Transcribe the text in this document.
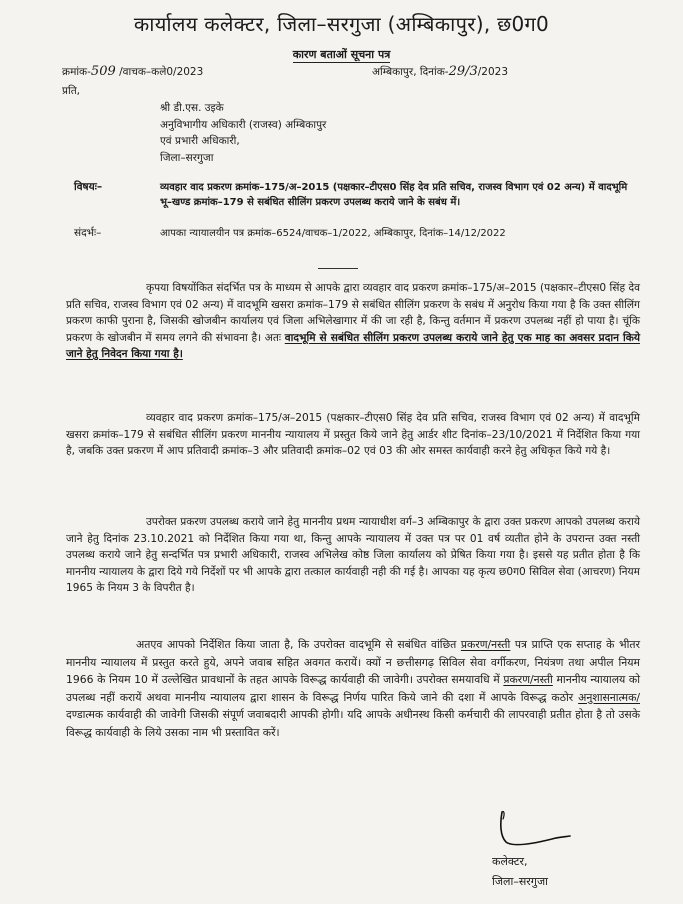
कार्यालय कलेक्टर, जिला–सरगुजा (अम्बिकापुर), छ0ग0
कारण बताओं सूचना पत्र
क्रमांक-509 /वाचक–कले0/2023	अम्बिकापुर, दिनांक-29/3/2023
प्रति,
श्री डी.एस. उइके
अनुविभागीय अधिकारी (राजस्व) अम्बिकापुर
एवं प्रभारी अधिकारी,
जिला–सरगुजा
विषयः–	व्यवहार वाद प्रकरण क्रमांक–175/अ–2015 (पक्षकार–टीएस0 सिंह देव प्रति सचिव, राजस्व विभाग एवं 02 अन्य) में वादभूमि भू–खण्ड क्रमांक–179 से सबंधित सीलिंग प्रकरण उपलब्ध कराये जाने के सबंध में।
संदर्भः–	आपका न्यायालयीन पत्र क्रमांक–6524/वाचक–1/2022, अम्बिकापुर, दिनांक–14/12/2022
कृपया विषयोंकित संदर्भित पत्र के माध्यम से आपके द्वारा व्यवहार वाद प्रकरण क्रमांक–175/अ–2015 (पक्षकार–टीएस0 सिंह देव प्रति सचिव, राजस्व विभाग एवं 02 अन्य) में वादभूमि खसरा क्रमांक–179 से सबंधित सीलिंग प्रकरण के सबंध में अनुरोध किया गया है कि उक्त सीलिंग प्रकरण काफी पुराना है, जिसकी खोजबीन कार्यालय एवं जिला अभिलेखागार में की जा रही है, किन्तु वर्तमान में प्रकरण उपलब्ध नहीं हो पाया है। चूंकि प्रकरण के खोजबीन में समय लगने की संभावना है। अतः वादभूमि से सबंधित सीलिंग प्रकरण उपलब्ध कराये जाने हेतु एक माह का अवसर प्रदान किये जाने हेतु निवेदन किया गया है।
व्यवहार वाद प्रकरण क्रमांक–175/अ–2015 (पक्षकार–टीएस0 सिंह देव प्रति सचिव, राजस्व विभाग एवं 02 अन्य) में वादभूमि खसरा क्रमांक–179 से सबंधित सीलिंग प्रकरण माननीय न्यायालय में प्रस्तुत किये जाने हेतु आर्डर शीट दिनांक–23/10/2021 में निर्देशित किया गया है, जबकि उक्त प्रकरण में आप प्रतिवादी क्रमांक–3 और प्रतिवादी क्रमांक–02 एवं 03 की ओर समस्त कार्यवाही करने हेतु अधिकृत किये गये है।
उपरोक्त प्रकरण उपलब्ध कराये जाने हेतु माननीय प्रथम न्यायाधीश वर्ग–3 अम्बिकापुर के द्वारा उक्त प्रकरण आपको उपलब्ध कराये जाने हेतु दिनांक 23.10.2021 को निर्देशित किया गया था, किन्तु आपके न्यायालय में उक्त पत्र पर 01 वर्ष व्यतीत होने के उपरान्त उक्त नस्ती उपलब्ध कराये जाने हेतु सन्दर्भित पत्र प्रभारी अधिकारी, राजस्व अभिलेख कोष्ठ जिला कार्यालय को प्रेषित किया गया है। इससे यह प्रतीत होता है कि माननीय न्यायालय के द्वारा दिये गये निर्देशों पर भी आपके द्वारा तत्काल कार्यवाही नही की गई है। आपका यह कृत्य छ0ग0 सिविल सेवा (आचरण) नियम 1965 के नियम 3 के विपरीत है।
अतएव आपको निर्देशित किया जाता है, कि उपरोक्त वादभूमि से सबंधित वांछित प्रकरण/नस्ती पत्र प्राप्ति एक सप्ताह के भीतर माननीय न्यायालय में प्रस्तुत करते हुये, अपने जवाब सहित अवगत करायें। क्यों न छत्तीसगढ़ सिविल सेवा वर्गीकरण, नियंत्रण तथा अपील नियम 1966 के नियम 10 में उल्लेखित प्रावधानों के तहत आपके विरूद्ध कार्यवाही की जावेगी। उपरोक्त समयावधि में प्रकरण/नस्ती माननीय न्यायालय को उपलब्ध नहीं करायें अथवा माननीय न्यायालय द्वारा शासन के विरूद्ध निर्णय पारित किये जाने की दशा में आपके विरूद्ध कठोर अनुशासनात्मक/ दण्डात्मक कार्यवाही की जावेगी जिसकी संपूर्ण जवाबदारी आपकी होगी। यदि आपके अधीनस्थ किसी कर्मचारी की लापरवाही प्रतीत होता है तो उसके विरूद्ध कार्यवाही के लिये उसका नाम भी प्रस्तावित करें।
कलेक्टर,
जिला–सरगुजा
